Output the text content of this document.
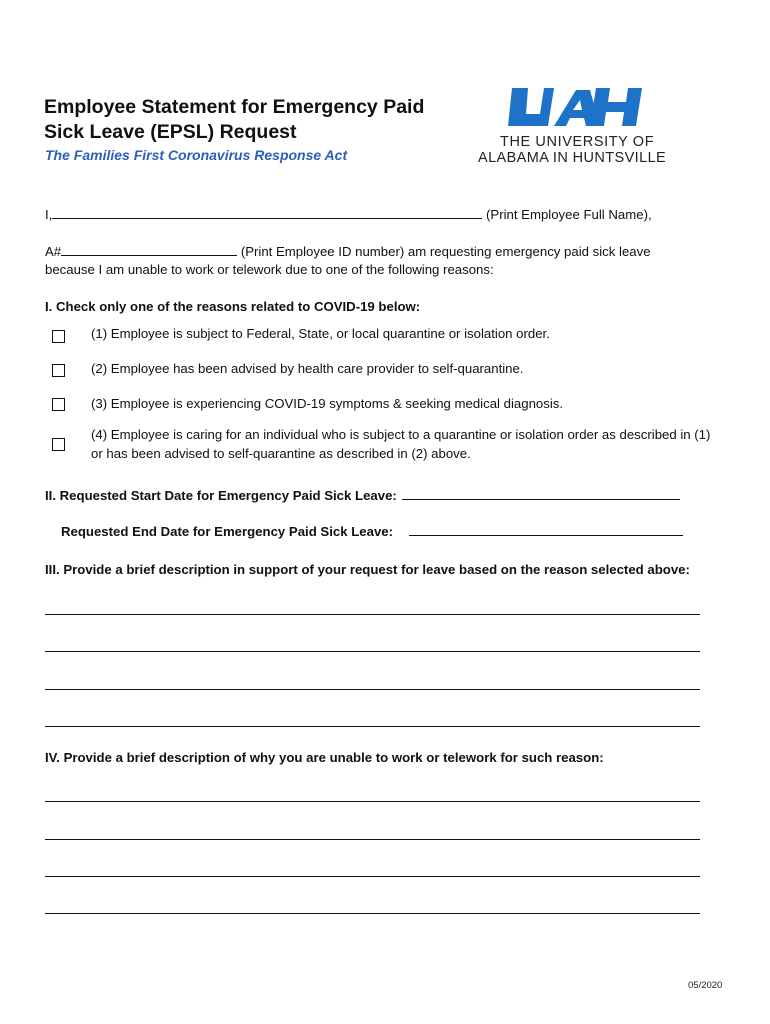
Employee Statement for Emergency Paid Sick Leave (EPSL) Request
The Families First Coronavirus Response Act
THE UNIVERSITY OF
ALABAMA IN HUNTSVILLE
I,	(Print Employee Full Name),
A#	(Print Employee ID number) am requesting emergency paid sick leave
because I am unable to work or telework due to one of the following reasons:
I. Check only one of the reasons related to COVID-19 below:
(1) Employee is subject to Federal, State, or local quarantine or isolation order.
(2) Employee has been advised by health care provider to self-quarantine.
(3) Employee is experiencing COVID-19 symptoms & seeking medical diagnosis.
(4) Employee is caring for an individual who is subject to a quarantine or isolation order as described in (1) or has been advised to self-quarantine as described in (2) above.
II. Requested Start Date for Emergency Paid Sick Leave:
Requested End Date for Emergency Paid Sick Leave:
III. Provide a brief description in support of your request for leave based on the reason selected above:
IV. Provide a brief description of why you are unable to work or telework for such reason:
05/2020
